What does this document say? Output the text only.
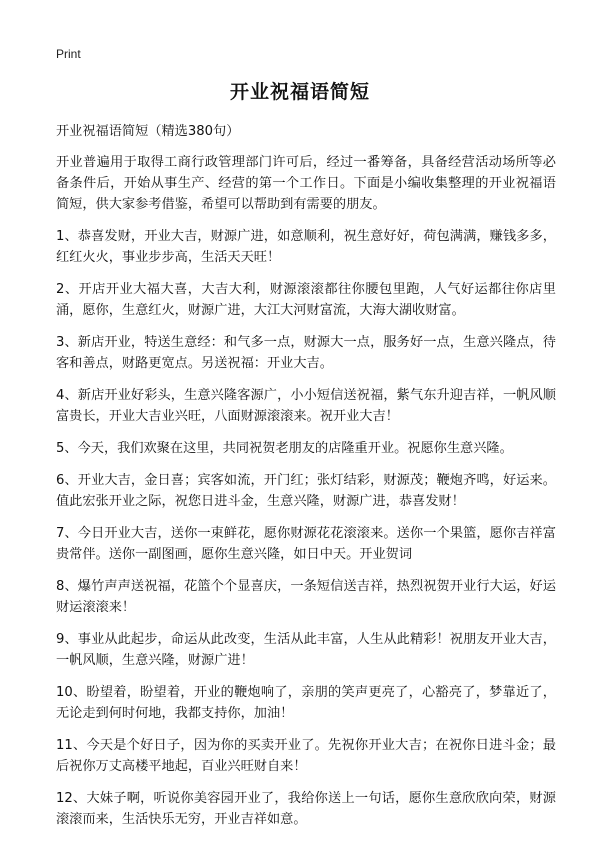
Print
开业祝福语简短

开业祝福语简短（精选380句）

开业普遍用于取得工商行政管理部门许可后，经过一番筹备，具备经营活动场所等必备条件后，开始从事生产、经营的第一个工作日。下面是小编收集整理的开业祝福语简短，供大家参考借鉴，希望可以帮助到有需要的朋友。

1、恭喜发财，开业大吉，财源广进，如意顺利，祝生意好好，荷包满满，赚钱多多，红红火火，事业步步高，生活天天旺！

2、开店开业大福大喜，大吉大利，财源滚滚都往你腰包里跑，人气好运都往你店里涌，愿你，生意红火，财源广进，大江大河财富流，大海大湖收财富。

3、新店开业，特送生意经：和气多一点，财源大一点，服务好一点，生意兴隆点，待客和善点，财路更宽点。另送祝福：开业大吉。

4、新店开业好彩头，生意兴隆客源广，小小短信送祝福，紫气东升迎吉祥，一帆风顺富贵长，开业大吉业兴旺，八面财源滚滚来。祝开业大吉！

5、今天，我们欢聚在这里，共同祝贺老朋友的店隆重开业。祝愿你生意兴隆。

6、开业大吉，金日喜；宾客如流，开门红；张灯结彩，财源茂；鞭炮齐鸣，好运来。值此宏张开业之际，祝您日进斗金，生意兴隆，财源广进，恭喜发财！

7、今日开业大吉，送你一束鲜花，愿你财源花花滚滚来。送你一个果篮，愿你吉祥富贵常伴。送你一副图画，愿你生意兴隆，如日中天。开业贺词

8、爆竹声声送祝福，花篮个个显喜庆，一条短信送吉祥，热烈祝贺开业行大运，好运财运滚滚来！

9、事业从此起步，命运从此改变，生活从此丰富，人生从此精彩！祝朋友开业大吉，一帆风顺，生意兴隆，财源广进！

10、盼望着，盼望着，开业的鞭炮响了，亲朋的笑声更亮了，心豁亮了，梦靠近了，无论走到何时何地，我都支持你，加油！

11、今天是个好日子，因为你的买卖开业了。先祝你开业大吉；在祝你日进斗金；最后祝你万丈高楼平地起，百业兴旺财自来！

12、大妹子啊，听说你美容园开业了，我给你送上一句话，愿你生意欣欣向荣，财源滚滚而来，生活快乐无穷，开业吉祥如意。
